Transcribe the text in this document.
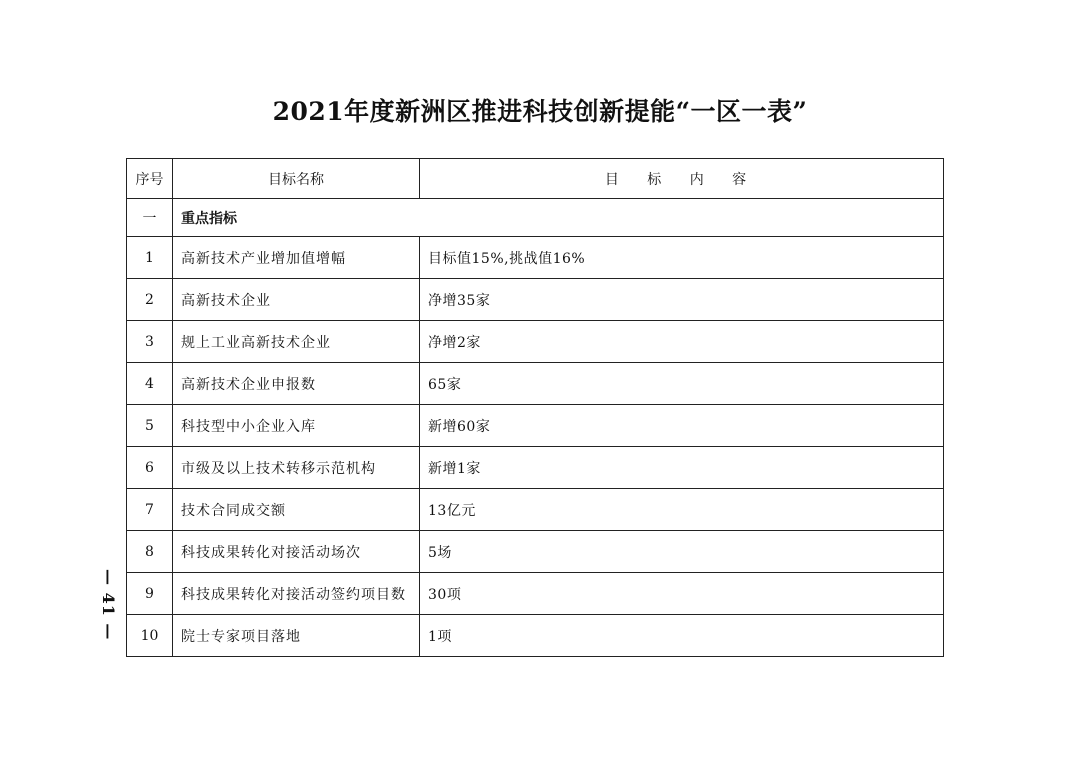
2021年度新洲区推进科技创新提能“一区一表”
序号	目标名称	目 标 内 容
一	重点指标	
1	高新技术产业增加值增幅	目标值15%,挑战值16%
2	高新技术企业	净增35家
3	规上工业高新技术企业	净增2家
4	高新技术企业申报数	65家
5	科技型中小企业入库	新增60家
6	市级及以上技术转移示范机构	新增1家
7	技术合同成交额	13亿元
8	科技成果转化对接活动场次	5场
9	科技成果转化对接活动签约项目数	30项
10	院士专家项目落地	1项
— 41 —
